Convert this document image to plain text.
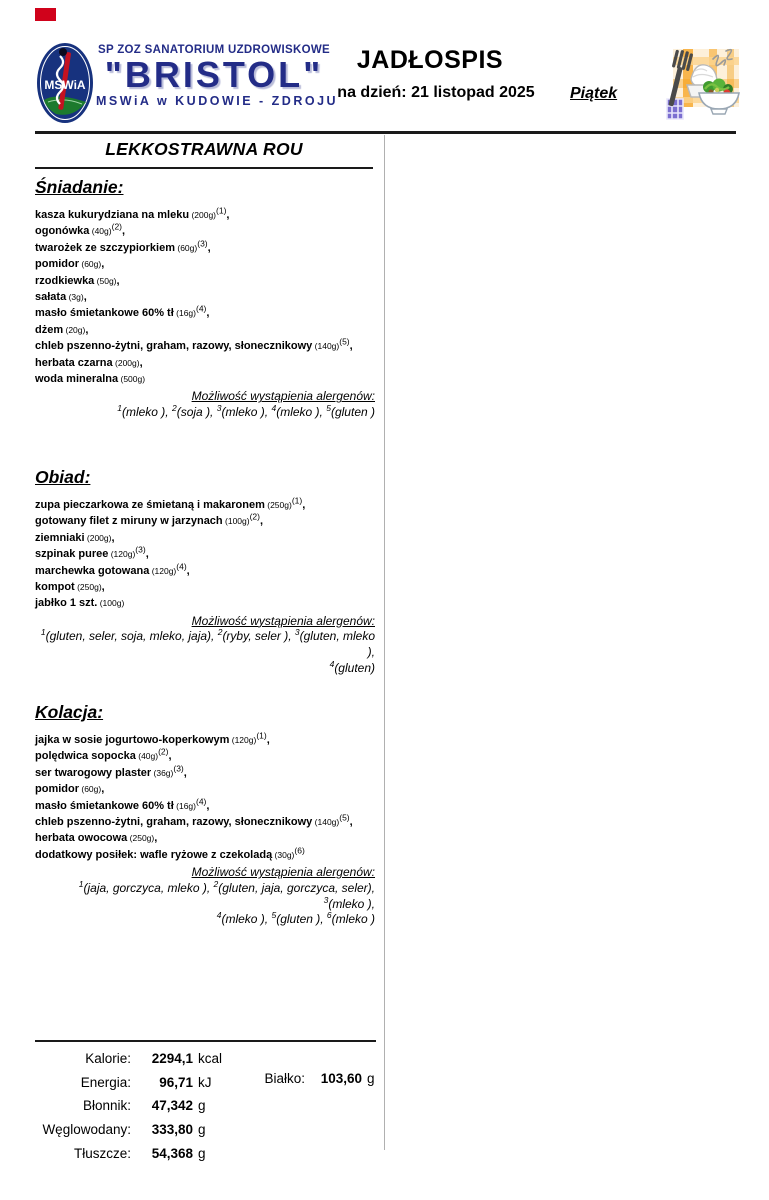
MSWiA
SP ZOZ SANATORIUM UZDROWISKOWE
"BRISTOL"
MSWiA w KUDOWIE - ZDROJU
JADŁOSPIS
na dzień: 21 listopad 2025 Piątek
LEKKOSTRAWNA ROU
Śniadanie:
kasza kukurydziana na mleku $(200g)^{(1)}$,
ogonówka $(40g)^{(2)}$,
twarożek ze szczypiorkiem $(60g)^{(3)}$,
pomidor (60g),
rzodkiewka (50g),
sałata (3g),
masło śmietankowe 60% tł $(16g)^{(4)}$,
dżem (20g),
chleb pszenno-żytni, graham, razowy, słonecznikowy $(140g)^{(5)}$,
herbata czarna (200g),
woda mineralna (500g)
Możliwość wystąpienia alergenów:
$^1$(mleko ), $^2$(soja ), $^3$(mleko ), $^4$(mleko ), $^5$(gluten )
Obiad:
zupa pieczarkowa ze śmietaną i makaronem $(250g)^{(1)}$,
gotowany filet z miruny w jarzynach $(100g)^{(2)}$,
ziemniaki (200g),
szpinak puree $(120g)^{(3)}$,
marchewka gotowana $(120g)^{(4)}$,
kompot (250g),
jabłko 1 szt. (100g)
Możliwość wystąpienia alergenów:
$^1$(gluten, seler, soja, mleko, jaja), $^2$(ryby, seler ), $^3$(gluten, mleko ),
$^4$(gluten)
Kolacja:
jajka w sosie jogurtowo-koperkowym $(120g)^{(1)}$,
polędwica sopocka $(40g)^{(2)}$,
ser twarogowy plaster $(36g)^{(3)}$,
pomidor (60g),
masło śmietankowe 60% tł $(16g)^{(4)}$,
chleb pszenno-żytni, graham, razowy, słonecznikowy $(140g)^{(5)}$,
herbata owocowa (250g),
dodatkowy posiłek: wafle ryżowe z czekoladą $(30g)^{(6)}$
Możliwość wystąpienia alergenów:
$^1$(jaja, gorczyca, mleko ), $^2$(gluten, jaja, gorczyca, seler), $^3$(mleko ),
$^4$(mleko ), $^5$(gluten ), $^6$(mleko )
Kalorie:	2294,1 kcal
Energia:	96,71 kJ
Błonnik:	47,342 g
Węglowodany:	333,80 g
Tłuszcze:	54,368 g
Białko:	103,60 g
